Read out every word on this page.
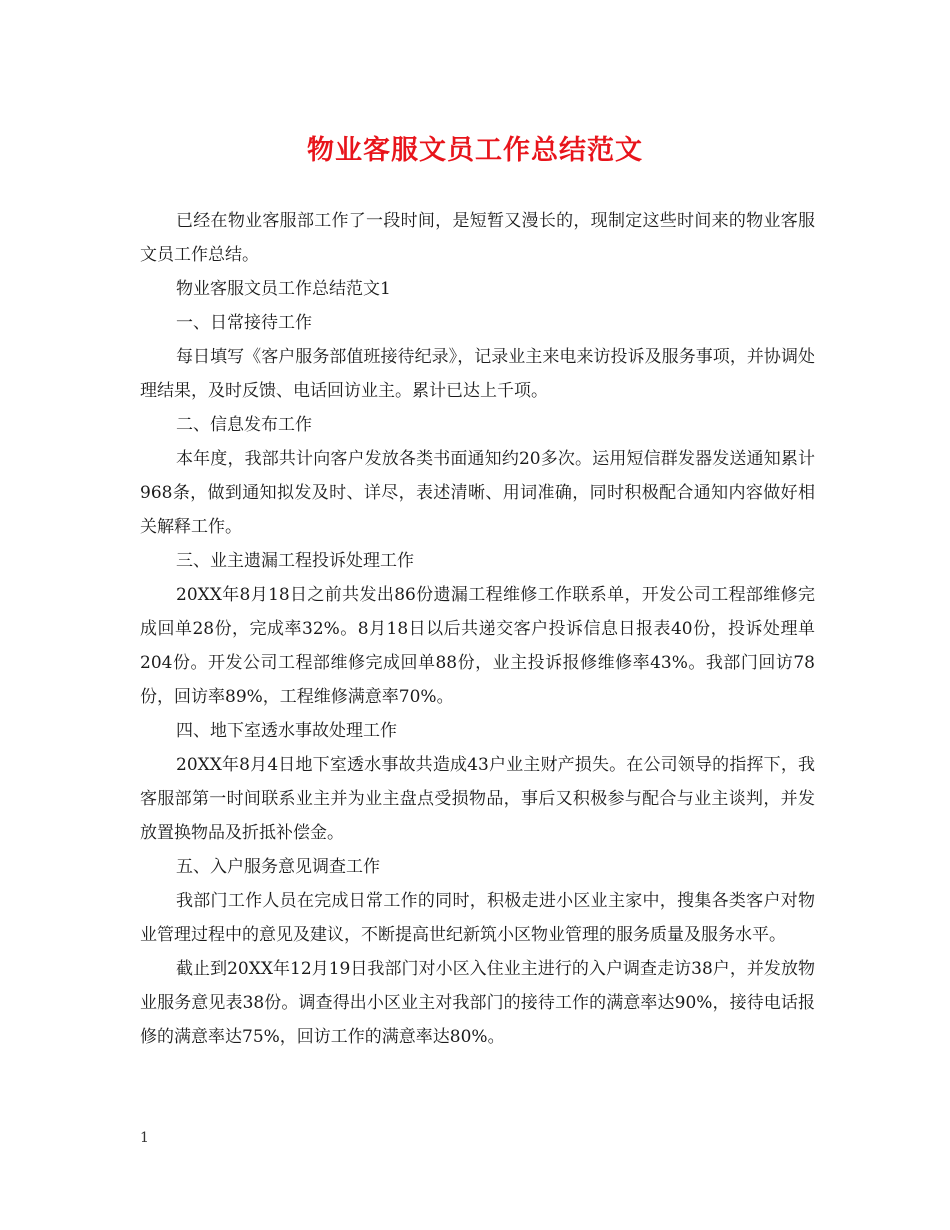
物业客服文员工作总结范文

已经在物业客服部工作了一段时间，是短暂又漫长的，现制定这些时间来的物业客服文员工作总结。

物业客服文员工作总结范文1

一、日常接待工作

每日填写《客户服务部值班接待纪录》，记录业主来电来访投诉及服务事项，并协调处理结果，及时反馈、电话回访业主。累计已达上千项。

二、信息发布工作

本年度，我部共计向客户发放各类书面通知约20多次。运用短信群发器发送通知累计968条，做到通知拟发及时、详尽，表述清晰、用词准确，同时积极配合通知内容做好相关解释工作。

三、业主遗漏工程投诉处理工作

20XX年8月18日之前共发出86份遗漏工程维修工作联系单，开发公司工程部维修完成回单28份，完成率32%。8月18日以后共递交客户投诉信息日报表40份，投诉处理单204份。开发公司工程部维修完成回单88份，业主投诉报修维修率43%。我部门回访78份，回访率89%，工程维修满意率70%。

四、地下室透水事故处理工作

20XX年8月4日地下室透水事故共造成43户业主财产损失。在公司领导的指挥下，我客服部第一时间联系业主并为业主盘点受损物品，事后又积极参与配合与业主谈判，并发放置换物品及折抵补偿金。

五、入户服务意见调查工作

我部门工作人员在完成日常工作的同时，积极走进小区业主家中，搜集各类客户对物业管理过程中的意见及建议，不断提高世纪新筑小区物业管理的服务质量及服务水平。

截止到20XX年12月19日我部门对小区入住业主进行的入户调查走访38户，并发放物业服务意见表38份。调查得出小区业主对我部门的接待工作的满意率达90%，接待电话报修的满意率达75%，回访工作的满意率达80%。

1
